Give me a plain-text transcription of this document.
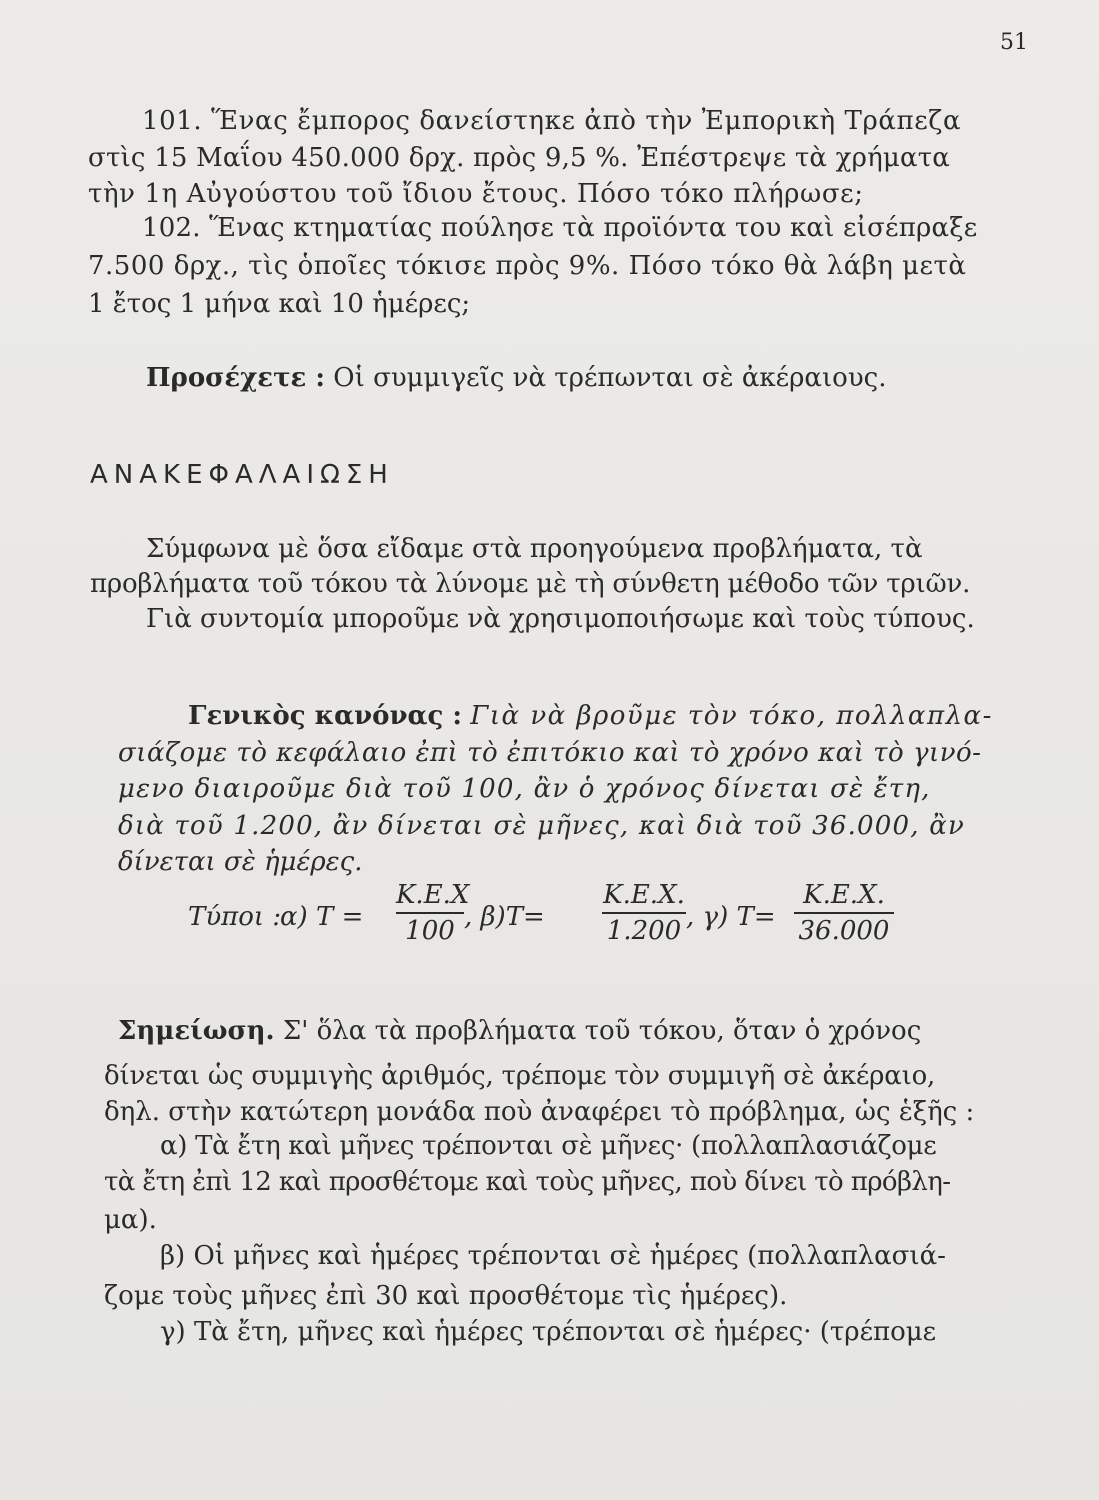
51
101. Ἕνας ἔμπορος δανείστηκε ἀπὸ τὴν Ἐμπορικὴ Τράπεζα
στὶς 15 Μαΐου 450.000 δρχ. πρὸς 9,5 %. Ἐπέστρεψε τὰ χρήματα
τὴν 1η Αὐγούστου τοῦ ἴδιου ἔτους. Πόσο τόκο πλήρωσε;
102. Ἕνας κτηματίας πούλησε τὰ προϊόντα του καὶ εἰσέπραξε
7.500 δρχ., τὶς ὁποῖες τόκισε πρὸς 9%. Πόσο τόκο θὰ λάβη μετὰ
1 ἔτος 1 μήνα καὶ 10 ἡμέρες;
Προσέχετε : Οἱ συμμιγεῖς νὰ τρέπωνται σὲ ἀκέραιους.
ΑΝΑΚΕΦΑΛΑΙΩΣΗ
Σύμφωνα μὲ ὅσα εἴδαμε στὰ προηγούμενα προβλήματα, τὰ
προβλήματα τοῦ τόκου τὰ λύνομε μὲ τὴ σύνθετη μέθοδο τῶν τριῶν.
Γιὰ συντομία μποροῦμε νὰ χρησιμοποιήσωμε καὶ τοὺς τύπους.
Γενικὸς κανόνας : Γιὰ νὰ βροῦμε τὸν τόκο, πολλαπλα-
σιάζομε τὸ κεφάλαιο ἐπὶ τὸ ἐπιτόκιο καὶ τὸ χρόνο καὶ τὸ γινό-
μενο διαιροῦμε διὰ τοῦ 100, ἂν ὁ χρόνος δίνεται σὲ ἔτη,
διὰ τοῦ 1.200, ἂν δίνεται σὲ μῆνες, καὶ διὰ τοῦ 36.000, ἂν
δίνεται σὲ ἡμέρες.
Τύποι :
α) Τ =
Κ.Ε.Χ
100 , β)Τ=
Κ.Ε.Χ.
1.200 , γ) Τ=
Κ.Ε.Χ.
36.000
Σημείωση. Σ' ὅλα τὰ προβλήματα τοῦ τόκου, ὅταν ὁ χρόνος
δίνεται ὡς συμμιγὴς ἀριθμός, τρέπομε τὸν συμμιγῆ σὲ ἀκέραιο,
δηλ. στὴν κατώτερη μονάδα ποὺ ἀναφέρει τὸ πρόβλημα, ὡς ἑξῆς :
α) Τὰ ἔτη καὶ μῆνες τρέπονται σὲ μῆνες· (πολλαπλασιάζομε
τὰ ἔτη ἐπὶ 12 καὶ προσθέτομε καὶ τοὺς μῆνες, ποὺ δίνει τὸ πρόβλη-
μα).
β) Οἱ μῆνες καὶ ἡμέρες τρέπονται σὲ ἡμέρες (πολλαπλασιά-
ζομε τοὺς μῆνες ἐπὶ 30 καὶ προσθέτομε τὶς ἡμέρες).
γ) Τὰ ἔτη, μῆνες καὶ ἡμέρες τρέπονται σὲ ἡμέρες· (τρέπομε
